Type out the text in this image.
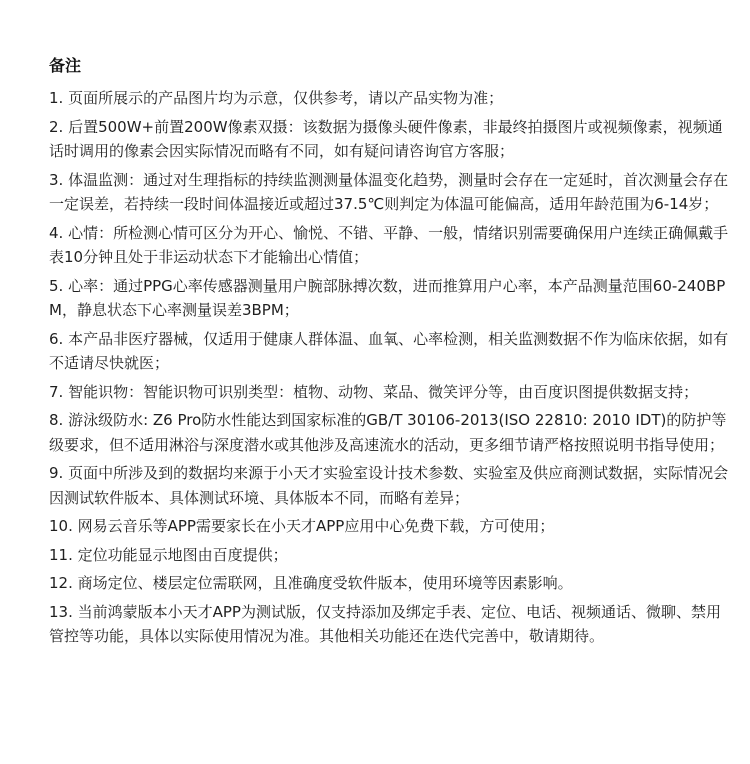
备注
1. 页面所展示的产品图片均为示意，仅供参考，请以产品实物为准；
2. 后置500W+前置200W像素双摄：该数据为摄像头硬件像素，非最终拍摄图片或视频像素，视频通话时调用的像素会因实际情况而略有不同，如有疑问请咨询官方客服；
3. 体温监测：通过对生理指标的持续监测测量体温变化趋势，测量时会存在一定延时，首次测量会存在一定误差，若持续一段时间体温接近或超过37.5℃则判定为体温可能偏高，适用年龄范围为6-14岁；
4. 心情：所检测心情可区分为开心、愉悦、不错、平静、一般，情绪识别需要确保用户连续正确佩戴手表10分钟且处于非运动状态下才能输出心情值；
5. 心率：通过PPG心率传感器测量用户腕部脉搏次数，进而推算用户心率，本产品测量范围60-240BPM，静息状态下心率测量误差3BPM；
6. 本产品非医疗器械，仅适用于健康人群体温、血氧、心率检测，相关监测数据不作为临床依据，如有不适请尽快就医；
7. 智能识物：智能识物可识别类型：植物、动物、菜品、微笑评分等，由百度识图提供数据支持；
8. 游泳级防水: Z6 Pro防水性能达到国家标准的GB/T 30106-2013(ISO 22810: 2010 IDT)的防护等级要求，但不适用淋浴与深度潜水或其他涉及高速流水的活动，更多细节请严格按照说明书指导使用；
9. 页面中所涉及到的数据均来源于小天才实验室设计技术参数、实验室及供应商测试数据，实际情况会因测试软件版本、具体测试环境、具体版本不同，而略有差异；
10. 网易云音乐等APP需要家长在小天才APP应用中心免费下载，方可使用；
11. 定位功能显示地图由百度提供；
12. 商场定位、楼层定位需联网，且准确度受软件版本，使用环境等因素影响。
13. 当前鸿蒙版本小天才APP为测试版，仅支持添加及绑定手表、定位、电话、视频通话、微聊、禁用管控等功能，具体以实际使用情况为准。其他相关功能还在迭代完善中，敬请期待。
